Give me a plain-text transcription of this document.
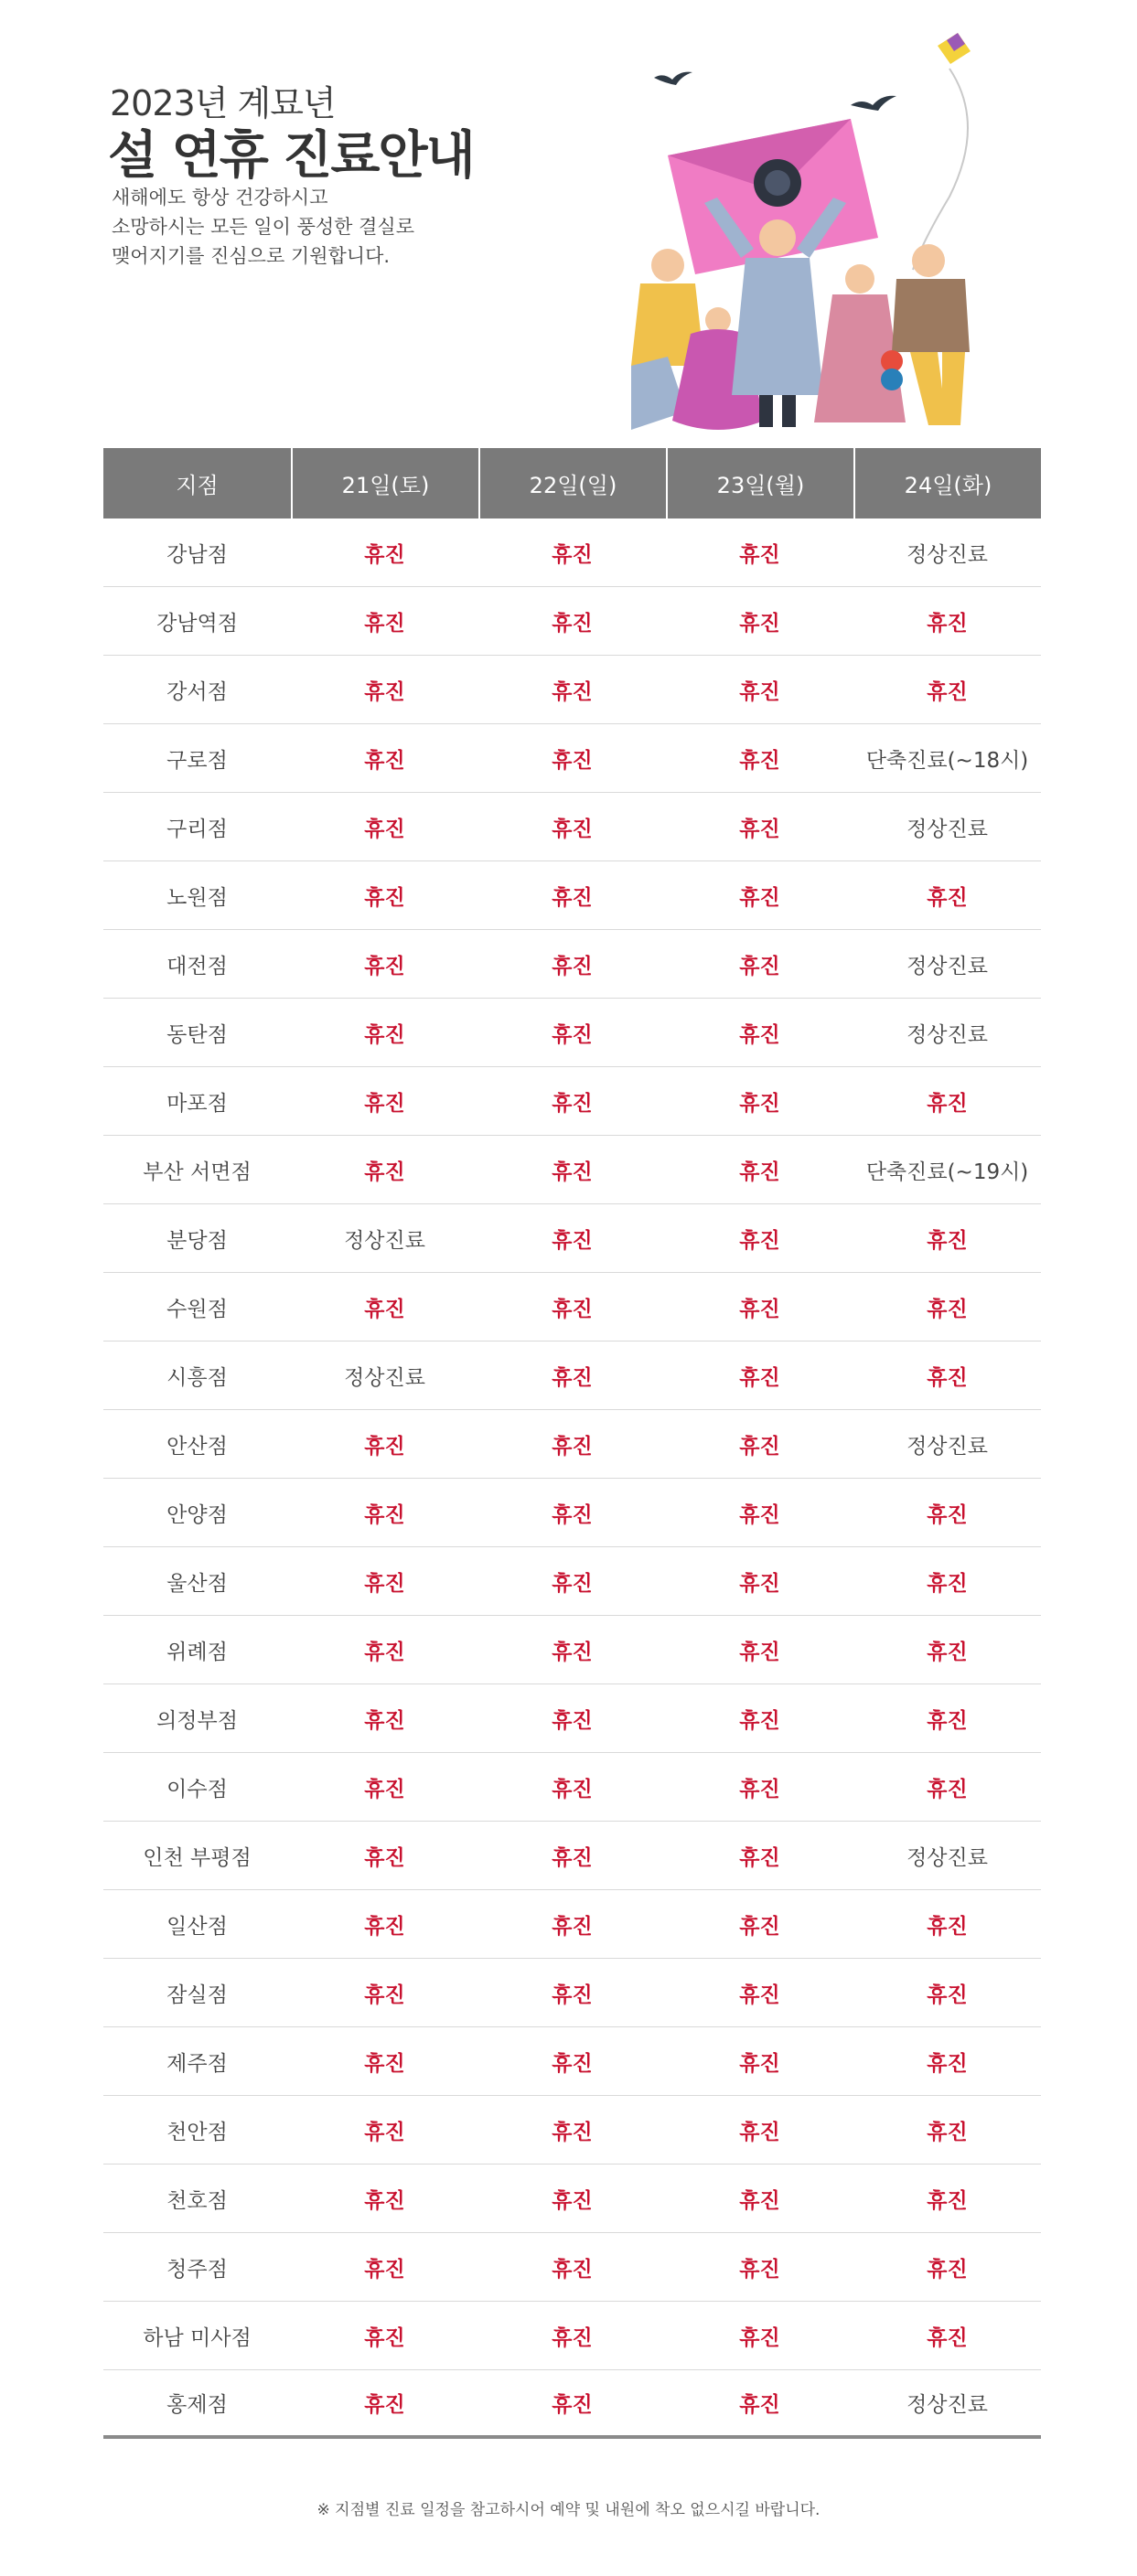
2023년 계묘년
설 연휴 진료안내
새해에도 항상 건강하시고
소망하시는 모든 일이 풍성한 결실로
맺어지기를 진심으로 기원합니다.
지점	21일(토)	22일(일)	23일(월)	24일(화)
강남점	휴진	휴진	휴진	정상진료
강남역점	휴진	휴진	휴진	휴진
강서점	휴진	휴진	휴진	휴진
구로점	휴진	휴진	휴진	단축진료(~18시)
구리점	휴진	휴진	휴진	정상진료
노원점	휴진	휴진	휴진	휴진
대전점	휴진	휴진	휴진	정상진료
동탄점	휴진	휴진	휴진	정상진료
마포점	휴진	휴진	휴진	휴진
부산 서면점	휴진	휴진	휴진	단축진료(~19시)
분당점	정상진료	휴진	휴진	휴진
수원점	휴진	휴진	휴진	휴진
시흥점	정상진료	휴진	휴진	휴진
안산점	휴진	휴진	휴진	정상진료
안양점	휴진	휴진	휴진	휴진
울산점	휴진	휴진	휴진	휴진
위례점	휴진	휴진	휴진	휴진
의정부점	휴진	휴진	휴진	휴진
이수점	휴진	휴진	휴진	휴진
인천 부평점	휴진	휴진	휴진	정상진료
일산점	휴진	휴진	휴진	휴진
잠실점	휴진	휴진	휴진	휴진
제주점	휴진	휴진	휴진	휴진
천안점	휴진	휴진	휴진	휴진
천호점	휴진	휴진	휴진	휴진
청주점	휴진	휴진	휴진	휴진
하남 미사점	휴진	휴진	휴진	휴진
홍제점	휴진	휴진	휴진	정상진료
※ 지점별 진료 일정을 참고하시어 예약 및 내원에 착오 없으시길 바랍니다.
